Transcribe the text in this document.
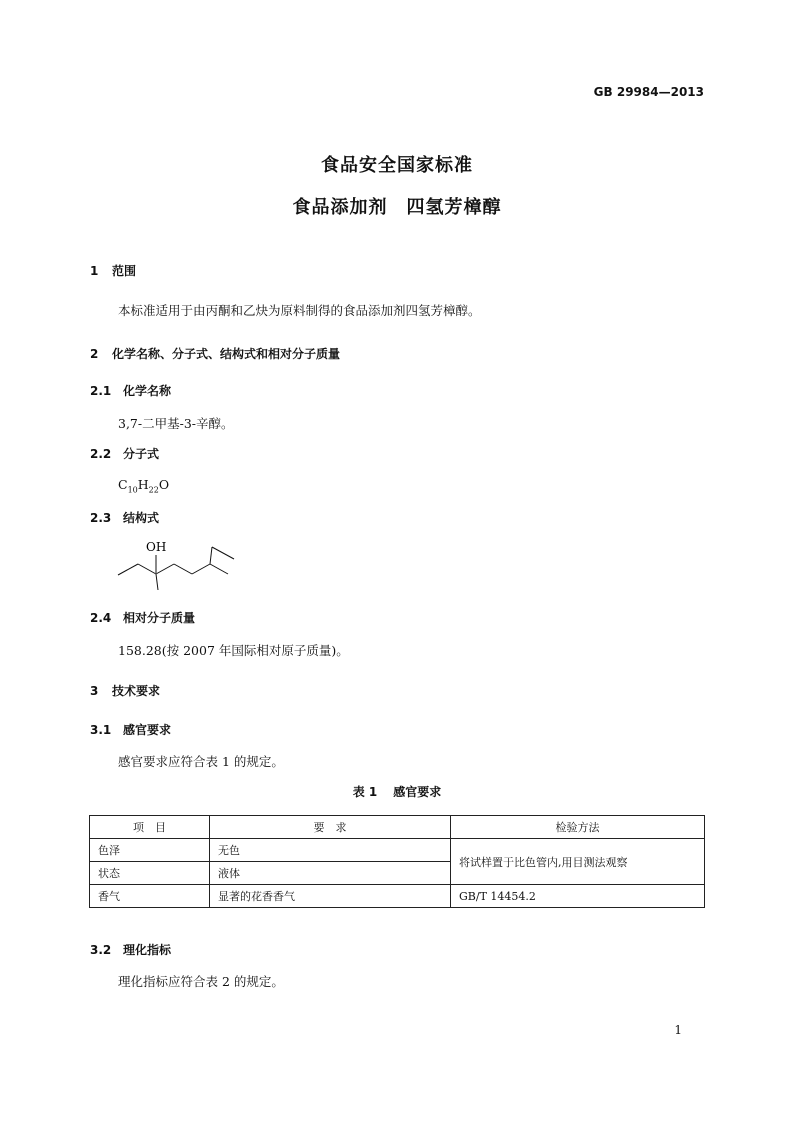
GB 29984—2013
食品安全国家标准
食品添加剂　四氢芳樟醇
1 范围
本标准适用于由丙酮和乙炔为原料制得的食品添加剂四氢芳樟醇。
2 化学名称、分子式、结构式和相对分子质量
2.1 化学名称
3,7-二甲基-3-辛醇。
2.2 分子式
$C_{10}H_{22}O$
2.3 结构式
OH
2.4 相对分子质量
158.28(按 2007 年国际相对原子质量)。
3 技术要求
3.1 感官要求
感官要求应符合表 1 的规定。
表 1 感官要求
项　目	要　求	检验方法
色泽	无色	将试样置于比色管内,用目测法观察
状态	液体	
香气	显著的花香香气	GB/T 14454.2
3.2 理化指标
理化指标应符合表 2 的规定。
1
